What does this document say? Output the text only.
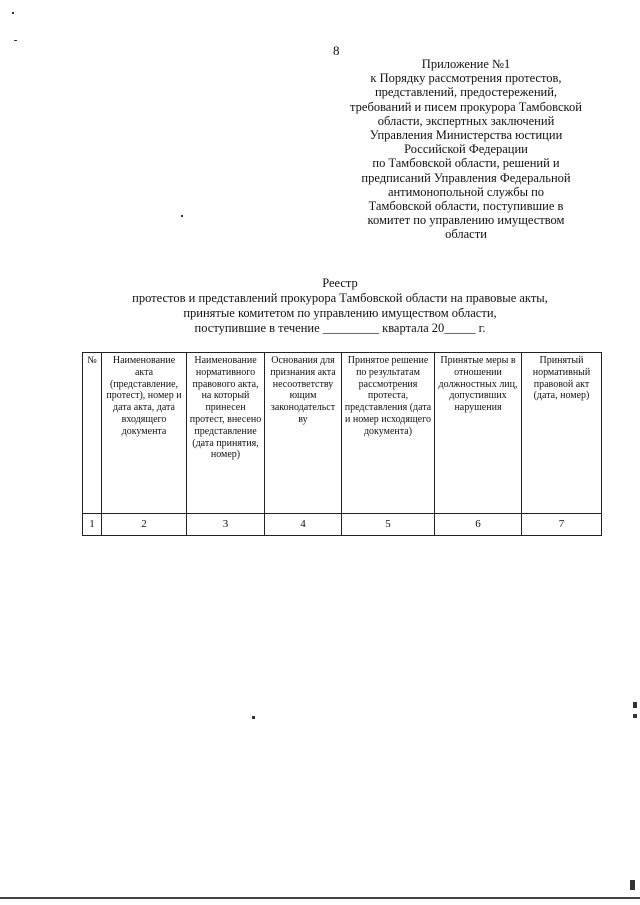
8
Приложение №1
к Порядку рассмотрения протестов,
представлений, предостережений,
требований и писем прокурора Тамбовской
области, экспертных заключений
Управления Министерства юстиции
Российской Федерации
по Тамбовской области, решений и
предписаний Управления Федеральной
антимонопольной службы по
Тамбовской области, поступившие в
комитет по управлению имуществом
области
Реестр
протестов и представлений прокурора Тамбовской области на правовые акты,
принятые комитетом по управлению имуществом области,
поступившие в течение _________ квартала 20_____ г.
№	Наименование акта (представление, протест), номер и дата акта, дата входящего документа	Наименование нормативного правового акта, на который принесен протест, внесено представление (дата принятия, номер)	Основания для признания акта несоответству ющим законодательст ву	Принятое решение по результатам рассмотрения протеста, представления (дата и номер исходящего документа)	Принятые меры в отношении должностных лиц, допустивших нарушения	Принятый нормативный правовой акт (дата, номер)
1	2	3	4	5	6	7
